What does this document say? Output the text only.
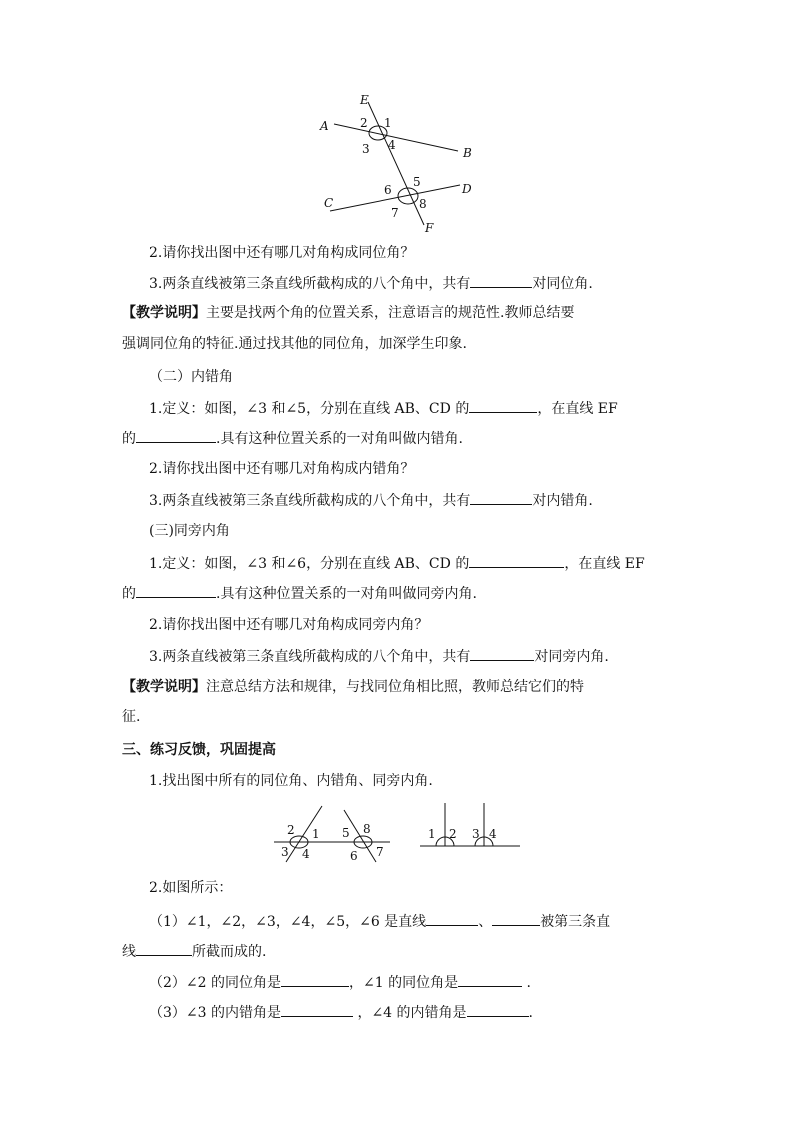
E
A
B
C
D
F
1
2
3 4
5
6
7
8
2.请你找出图中还有哪几对角构成同位角？
3.两条直线被第三条直线所截构成的八个角中，共有	对同位角.
【教学说明】主要是找两个角的位置关系，注意语言的规范性.教师总结要
强调同位角的特征.通过找其他的同位角，加深学生印象.
（二）内错角
1.定义：如图，∠3 和∠5，分别在直线 AB、CD 的	，在直线 EF
的	.具有这种位置关系的一对角叫做内错角.
2.请你找出图中还有哪几对角构成内错角？
3.两条直线被第三条直线所截构成的八个角中，共有	对内错角.
(三)同旁内角
1.定义：如图，∠3 和∠6，分别在直线 AB、CD 的	，在直线 EF
的	.具有这种位置关系的一对角叫做同旁内角.
2.请你找出图中还有哪几对角构成同旁内角？
3.两条直线被第三条直线所截构成的八个角中，共有	对同旁内角.
【教学说明】注意总结方法和规律，与找同位角相比照，教师总结它们的特
征.
三、练习反馈，巩固提高
1.找出图中所有的同位角、内错角、同旁内角.
1
2
3 4
5
6 7
8	1 2 3 4
2.如图所示：
（1）∠1，∠2，∠3，∠4，∠5，∠6 是直线	、	被第三条直
线	所截而成的.
（2）∠2 的同位角是	，∠1 的同位角是	.
（3）∠3 的内错角是	，∠4 的内错角是	.
